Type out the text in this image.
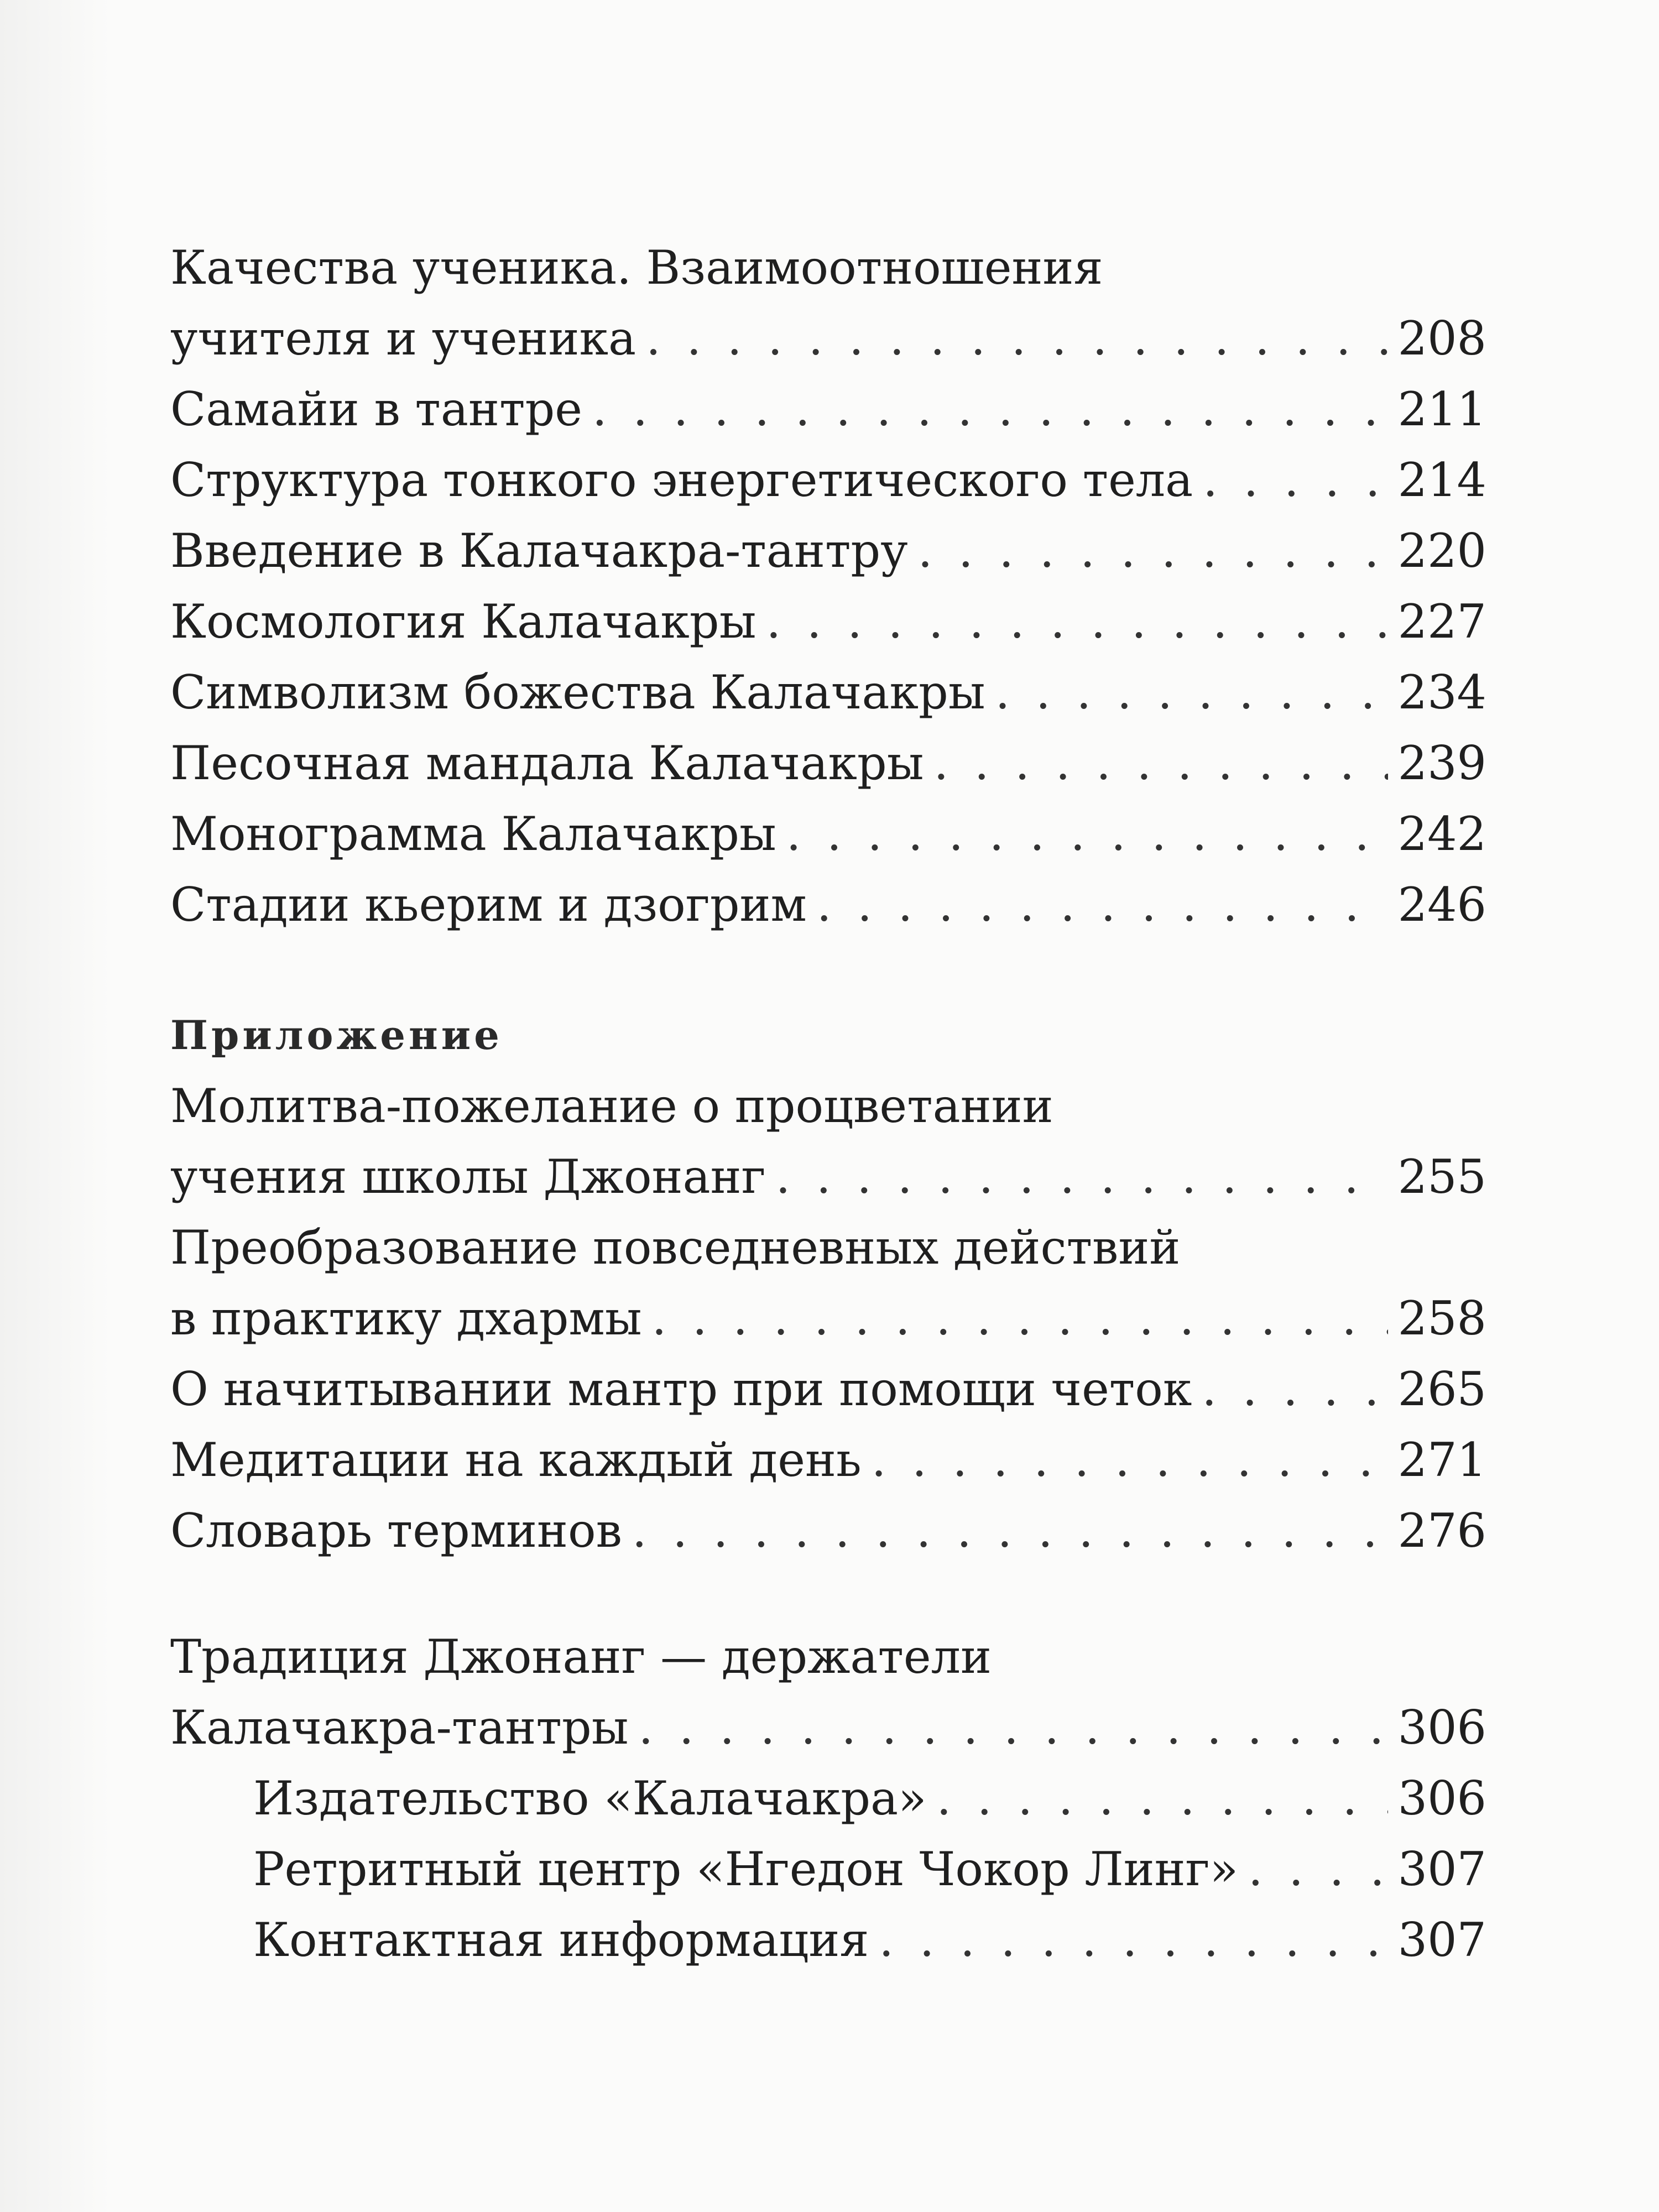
Качества ученика. Взаимоотношения
учителя и ученика . . .	208
Самайи в тантре . . .	211
Структура тонкого энергетического тела . . .	214
Введение в Калачакра-тантру . . .	220
Космология Калачакры . . .	227
Символизм божества Калачакры . . .	234
Песочная мандала Калачакры . . .	239
Монограмма Калачакры . . .	242
Стадии кьерим и дзогрим . . .	246
Приложение
Молитва-пожелание о процветании
учения школы Джонанг . . .	255
Преобразование повседневных действий
в практику дхармы . . .	258
О начитывании мантр при помощи четок . . .	265
Медитации на каждый день . . .	271
Словарь терминов . . .	276
Традиция Джонанг — держатели
Калачакра-тантры . . .	306
Издательство «Калачакра» . . .	306
Ретритный центр «Нгедон Чокор Линг» . . .	307
Контактная информация . . .	307
